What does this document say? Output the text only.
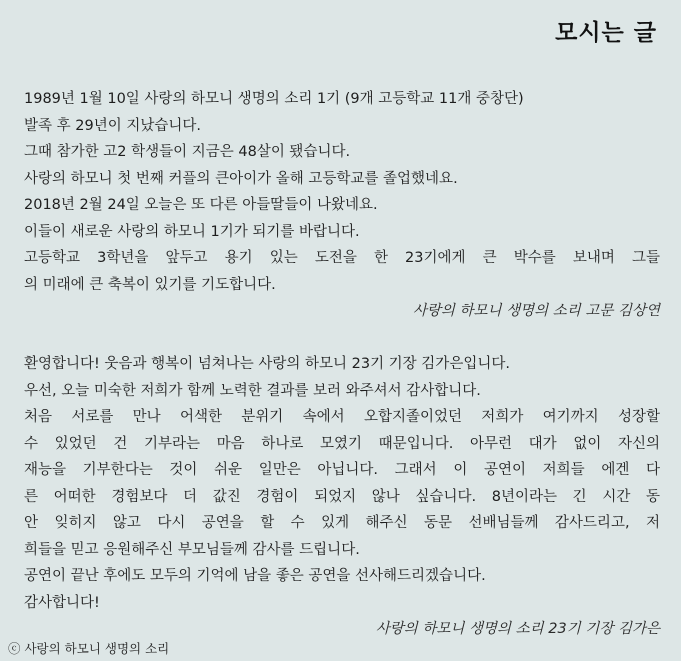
모시는 글
1989년 1월 10일 사랑의 하모니 생명의 소리 1기 (9개 고등학교 11개 중창단)
발족 후 29년이 지났습니다.
그때 참가한 고2 학생들이 지금은 48살이 됐습니다.
사랑의 하모니 첫 번째 커플의 큰아이가 올해 고등학교를 졸업했네요.
2018년 2월 24일 오늘은 또 다른 아들딸들이 나왔네요.
이들이 새로운 사랑의 하모니 1기가 되기를 바랍니다.
고등학교 3학년을 앞두고 용기 있는 도전을 한 23기에게 큰 박수를 보내며 그들
의 미래에 큰 축복이 있기를 기도합니다.
사랑의 하모니 생명의 소리 고문 김상연
환영합니다! 웃음과 행복이 넘쳐나는 사랑의 하모니 23기 기장 김가은입니다.
우선, 오늘 미숙한 저희가 함께 노력한 결과를 보러 와주셔서 감사합니다.
처음 서로를 만나 어색한 분위기 속에서 오합지졸이었던 저희가 여기까지 성장할
수 있었던 건 기부라는 마음 하나로 모였기 때문입니다. 아무런 대가 없이 자신의
재능을 기부한다는 것이 쉬운 일만은 아닙니다. 그래서 이 공연이 저희들 에겐 다
른 어떠한 경험보다 더 값진 경험이 되었지 않나 싶습니다. 8년이라는 긴 시간 동
안 잊히지 않고 다시 공연을 할 수 있게 해주신 동문 선배님들께 감사드리고, 저
희들을 믿고 응원해주신 부모님들께 감사를 드립니다.
공연이 끝난 후에도 모두의 기억에 남을 좋은 공연을 선사해드리겠습니다.
감사합니다!
사랑의 하모니 생명의 소리 23기 기장 김가은
ⓒ 사랑의 하모니 생명의 소리
